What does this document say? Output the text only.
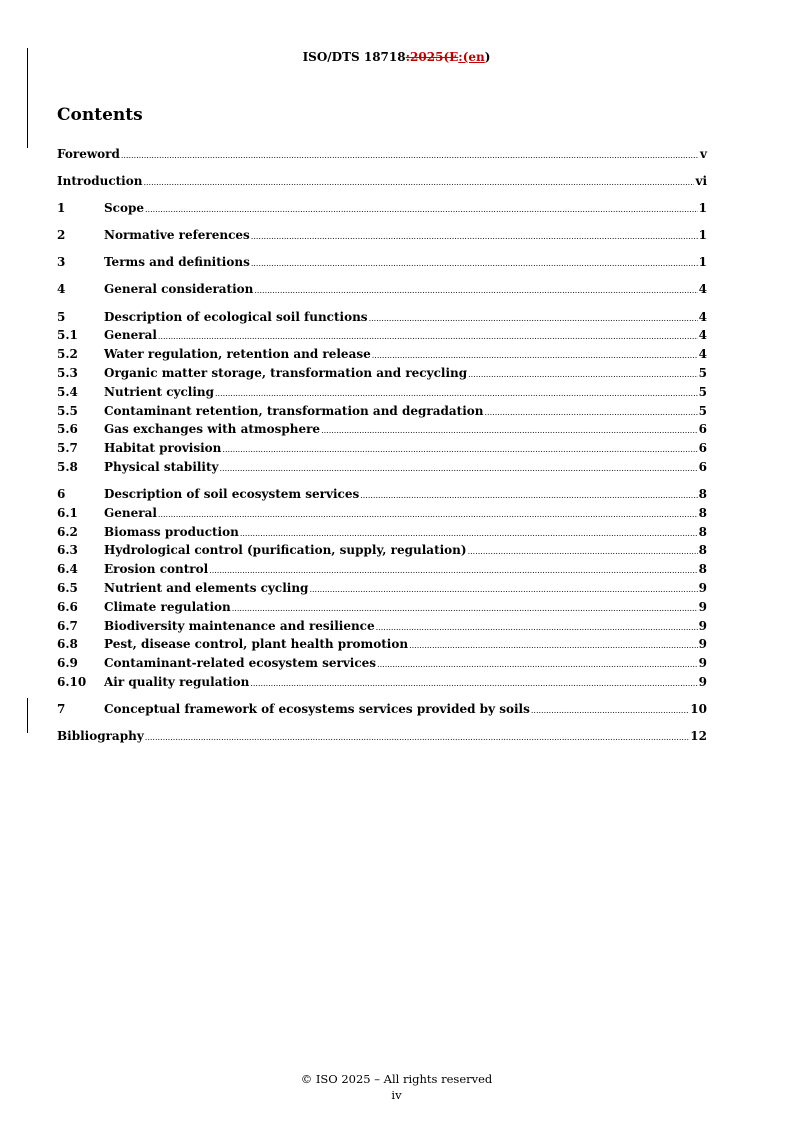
ISO/DTS 18718:2025(E:(en)
Contents
Foreword .....	v
Introduction .....	vi
1	Scope .....	1
2	Normative references .....	1
3	Terms and definitions .....	1
4	General consideration .....	4
5	Description of ecological soil functions .....	4
5.1	General .....	4
5.2	Water regulation, retention and release .....	4
5.3	Organic matter storage, transformation and recycling .....	5
5.4	Nutrient cycling .....	5
5.5	Contaminant retention, transformation and degradation .....	5
5.6	Gas exchanges with atmosphere .....	6
5.7	Habitat provision .....	6
5.8	Physical stability .....	6
6	Description of soil ecosystem services .....	8
6.1	General .....	8
6.2	Biomass production .....	8
6.3	Hydrological control (purification, supply, regulation) .....	8
6.4	Erosion control .....	8
6.5	Nutrient and elements cycling .....	9
6.6	Climate regulation .....	9
6.7	Biodiversity maintenance and resilience .....	9
6.8	Pest, disease control, plant health promotion .....	9
6.9	Contaminant-related ecosystem services .....	9
6.10	Air quality regulation .....	9
7	Conceptual framework of ecosystems services provided by soils .....	10
Bibliography .....	12
© ISO 2025 – All rights reserved
iv
